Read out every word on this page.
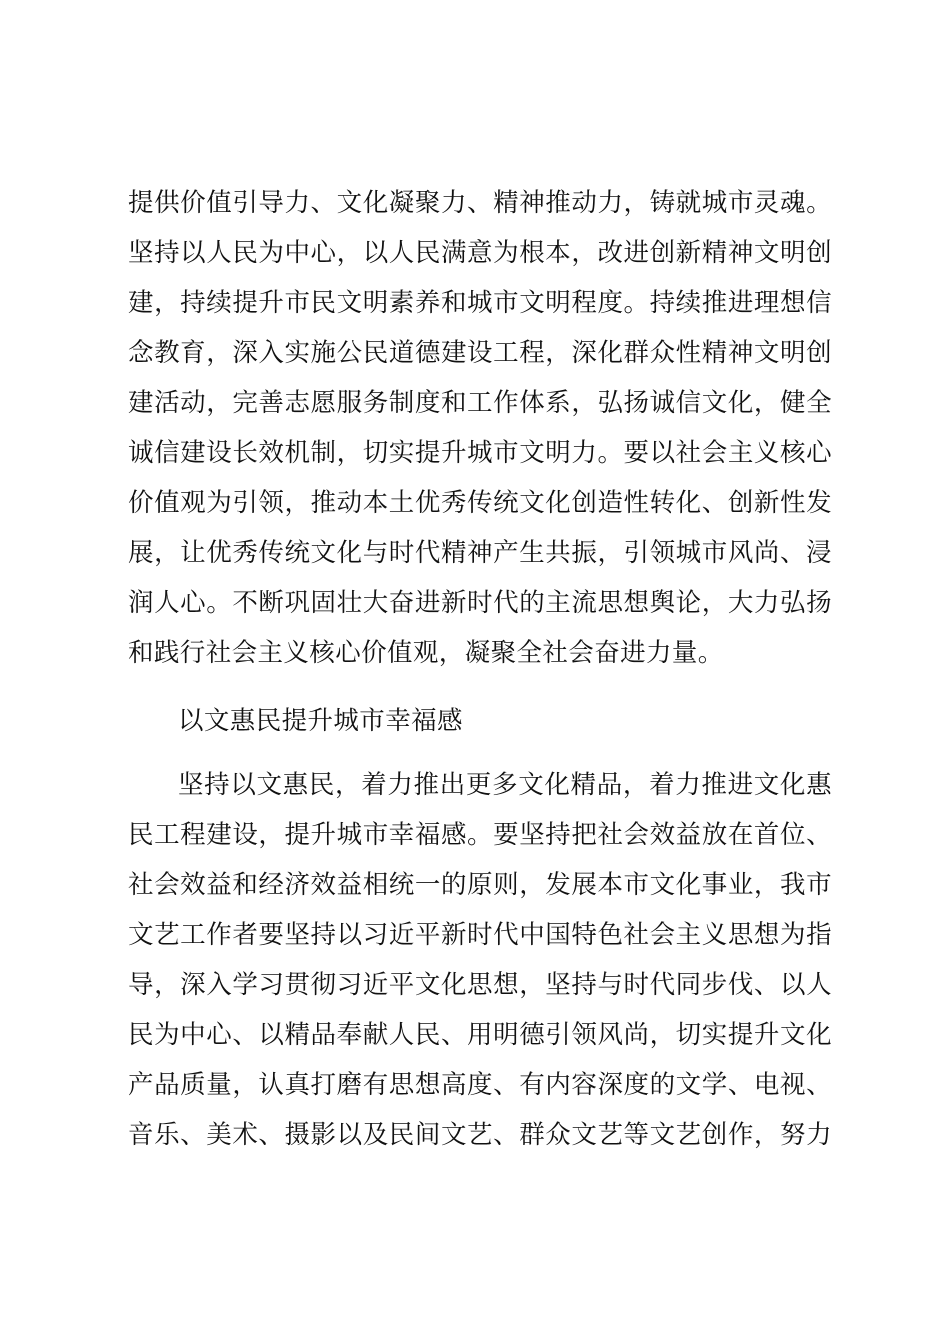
提供价值引导力、文化凝聚力、精神推动力，铸就城市灵魂。
坚持以人民为中心，以人民满意为根本，改进创新精神文明创
建，持续提升市民文明素养和城市文明程度。持续推进理想信
念教育，深入实施公民道德建设工程，深化群众性精神文明创
建活动，完善志愿服务制度和工作体系，弘扬诚信文化，健全
诚信建设长效机制，切实提升城市文明力。要以社会主义核心
价值观为引领，推动本土优秀传统文化创造性转化、创新性发
展，让优秀传统文化与时代精神产生共振，引领城市风尚、浸
润人心。不断巩固壮大奋进新时代的主流思想舆论，大力弘扬
和践行社会主义核心价值观，凝聚全社会奋进力量。
以文惠民提升城市幸福感
坚持以文惠民，着力推出更多文化精品，着力推进文化惠
民工程建设，提升城市幸福感。要坚持把社会效益放在首位、
社会效益和经济效益相统一的原则，发展本市文化事业，我市
文艺工作者要坚持以习近平新时代中国特色社会主义思想为指
导，深入学习贯彻习近平文化思想，坚持与时代同步伐、以人
民为中心、以精品奉献人民、用明德引领风尚，切实提升文化
产品质量，认真打磨有思想高度、有内容深度的文学、电视、
音乐、美术、摄影以及民间文艺、群众文艺等文艺创作，努力
